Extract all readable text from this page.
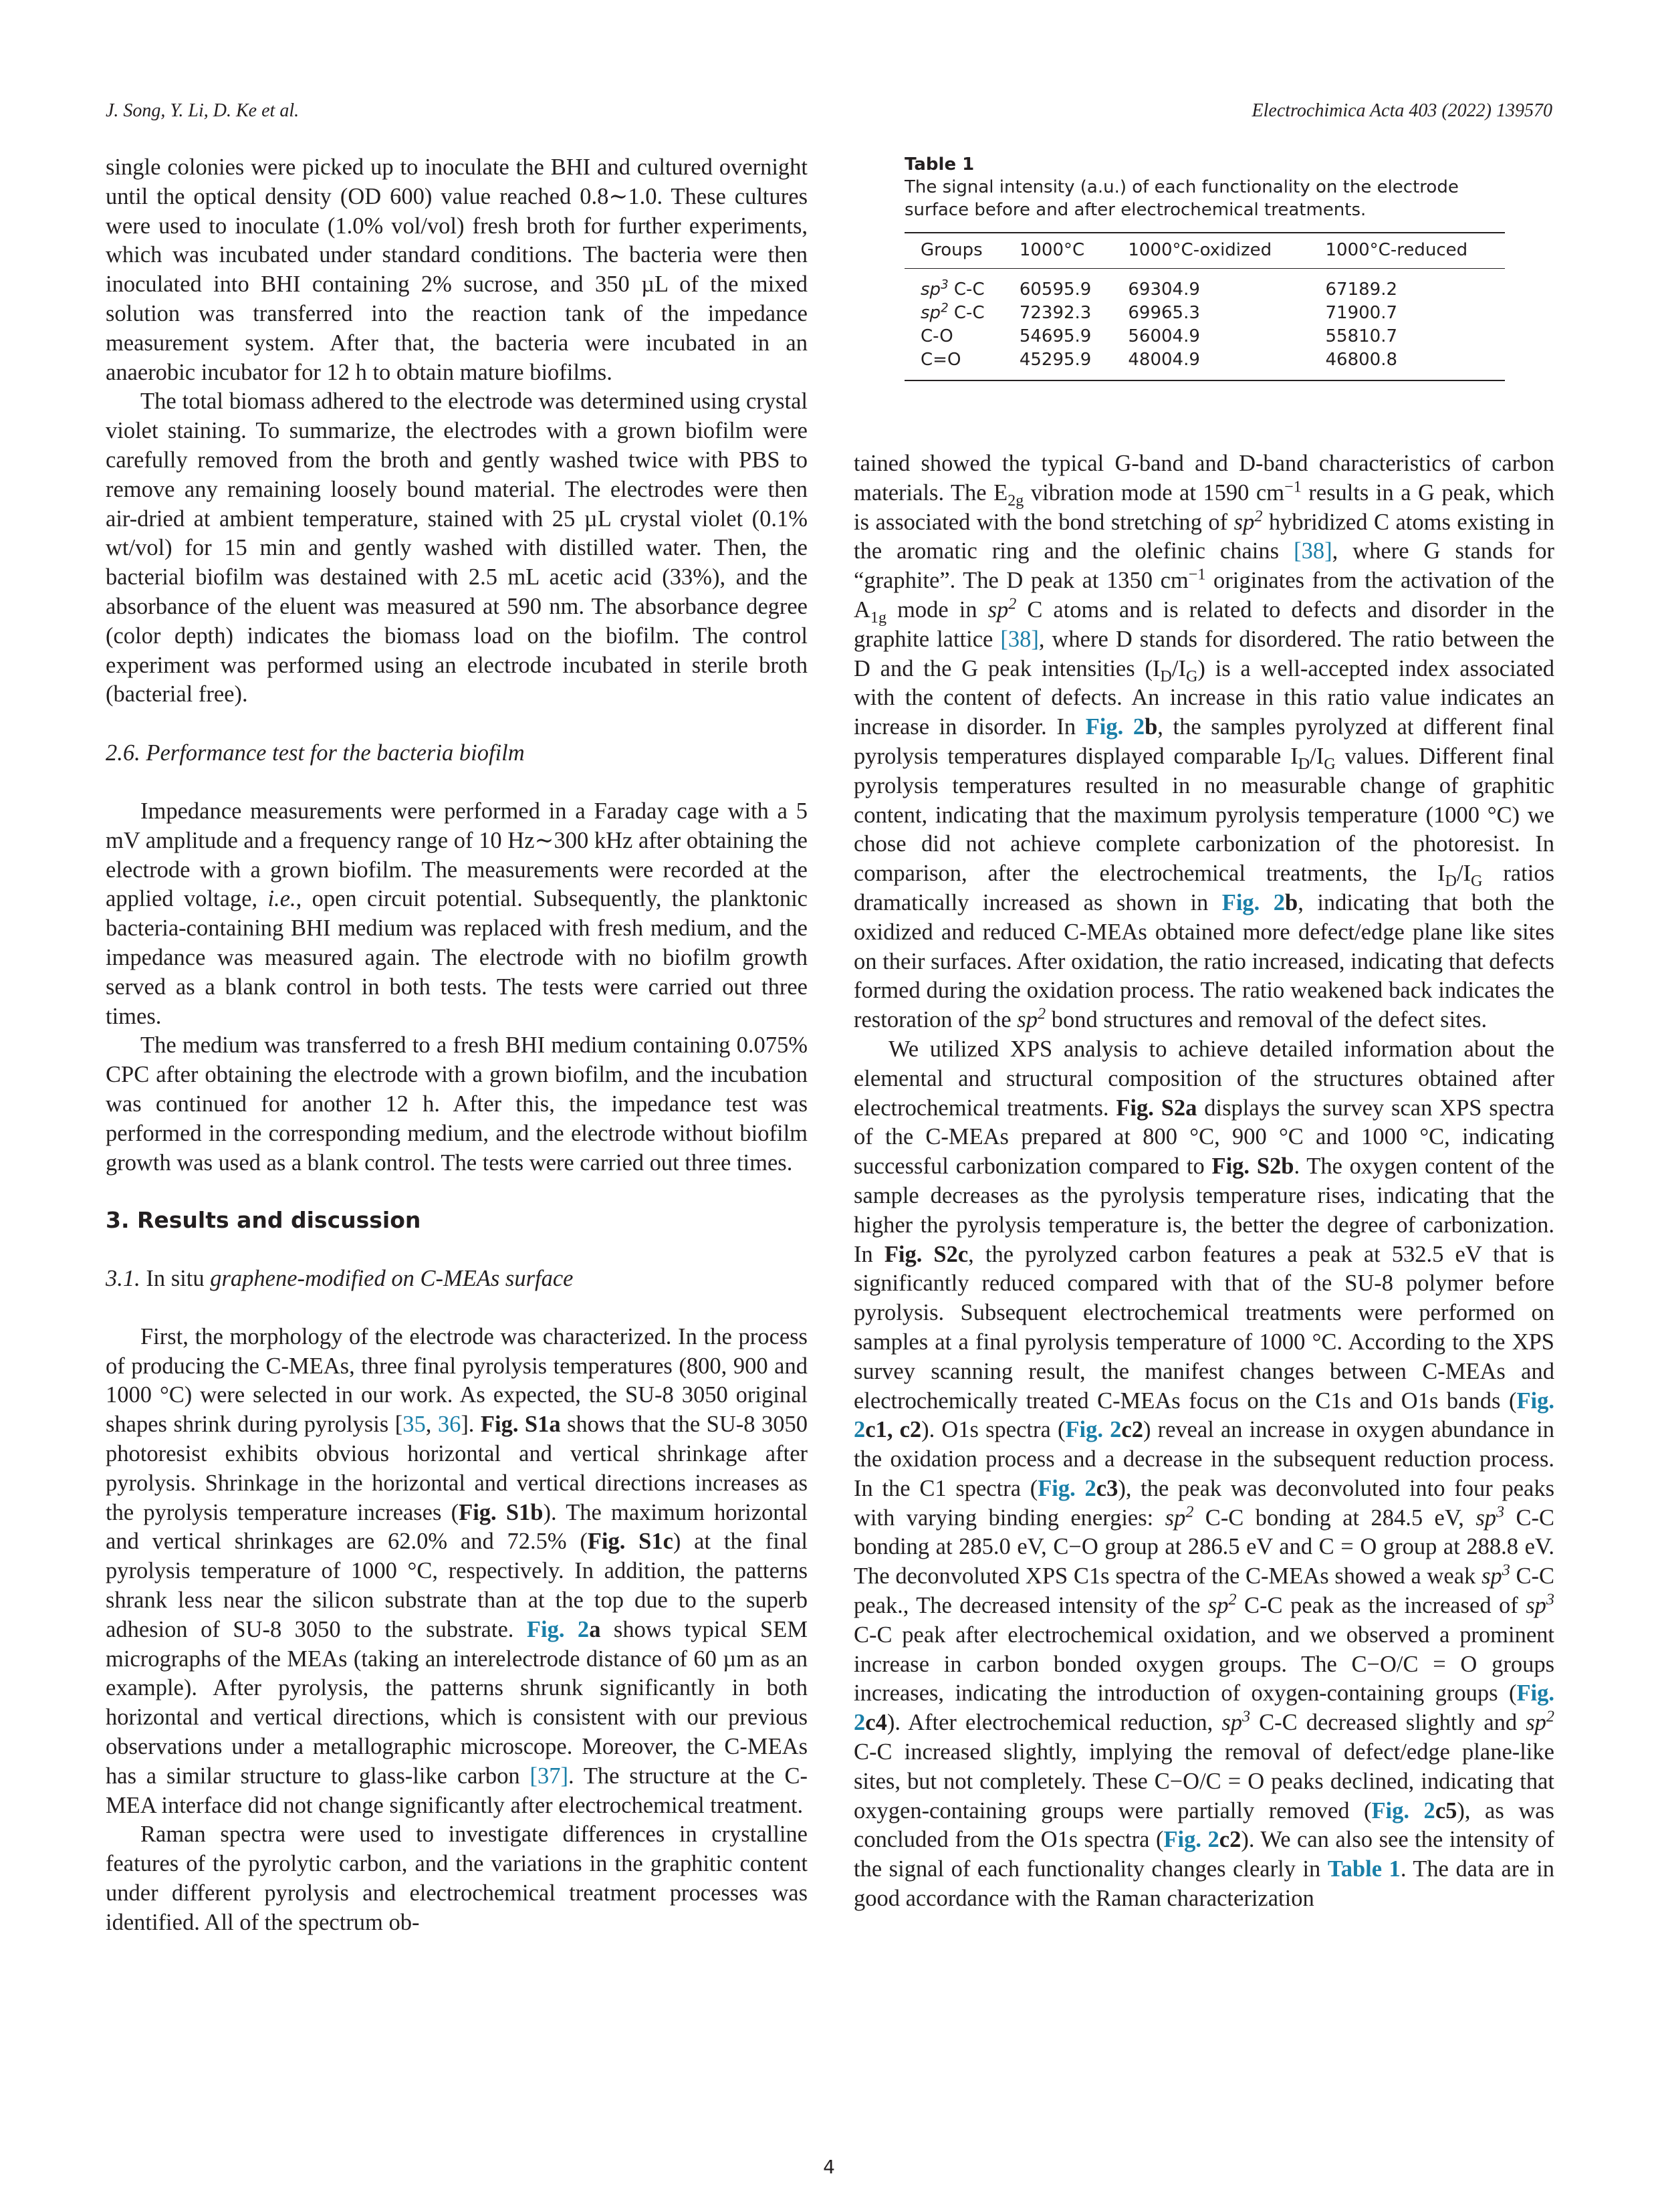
J. Song, Y. Li, D. Ke et al.	Electrochimica Acta 403 (2022) 139570

single colonies were picked up to inoculate the BHI and cultured overnight until the optical density (OD 600) value reached 0.8∼1.0. These cultures were used to inoculate (1.0% vol/vol) fresh broth for further experiments, which was incubated under standard conditions. The bacteria were then inoculated into BHI containing 2% sucrose, and 350 µL of the mixed solution was transferred into the reaction tank of the impedance measurement system. After that, the bacteria were incubated in an anaerobic incubator for 12 h to obtain mature biofilms.

The total biomass adhered to the electrode was determined using crystal violet staining. To summarize, the electrodes with a grown biofilm were carefully removed from the broth and gently washed twice with PBS to remove any remaining loosely bound material. The electrodes were then air-dried at ambient temperature, stained with 25 µL crystal violet (0.1% wt/vol) for 15 min and gently washed with distilled water. Then, the bacterial biofilm was destained with 2.5 mL acetic acid (33%), and the absorbance of the eluent was measured at 590 nm. The absorbance degree (color depth) indicates the biomass load on the biofilm. The control experiment was performed using an electrode incubated in sterile broth (bacterial free).

2.6. Performance test for the bacteria biofilm

Impedance measurements were performed in a Faraday cage with a 5 mV amplitude and a frequency range of 10 Hz∼300 kHz after obtaining the electrode with a grown biofilm. The measurements were recorded at the applied voltage, i.e., open circuit potential. Subsequently, the planktonic bacteria-containing BHI medium was replaced with fresh medium, and the impedance was measured again. The electrode with no biofilm growth served as a blank control in both tests. The tests were carried out three times.

The medium was transferred to a fresh BHI medium containing 0.075% CPC after obtaining the electrode with a grown biofilm, and the incubation was continued for another 12 h. After this, the impedance test was performed in the corresponding medium, and the electrode without biofilm growth was used as a blank control. The tests were carried out three times.

3. Results and discussion
3.1. In situ graphene-modified on C-MEAs surface

First, the morphology of the electrode was characterized. In the process of producing the C-MEAs, three final pyrolysis temperatures (800, 900 and 1000 °C) were selected in our work. As expected, the SU-8 3050 original shapes shrink during pyrolysis [35, 36]. Fig. S1a shows that the SU-8 3050 photoresist exhibits obvious horizontal and vertical shrinkage after pyrolysis. Shrinkage in the horizontal and vertical directions increases as the pyrolysis temperature increases (Fig. S1b). The maximum horizontal and vertical shrinkages are 62.0% and 72.5% (Fig. S1c) at the final pyrolysis temperature of 1000 °C, respectively. In addition, the patterns shrank less near the silicon substrate than at the top due to the superb adhesion of SU-8 3050 to the substrate. Fig. 2a shows typical SEM micrographs of the MEAs (taking an interelectrode distance of 60 µm as an example). After pyrolysis, the patterns shrunk significantly in both horizontal and vertical directions, which is consistent with our previous observations under a metallographic microscope. Moreover, the C-MEAs has a similar structure to glass-like carbon [37]. The structure at the C-MEA interface did not change significantly after electrochemical treatment.

Raman spectra were used to investigate differences in crystalline features of the pyrolytic carbon, and the variations in the graphitic content under different pyrolysis and electrochemical treatment processes was identified. All of the spectrum ob-

Table 1
The signal intensity (a.u.) of each functionality on the electrode surface before and after electrochemical treatments.
Groups	1000°C	1000°C-oxidized	1000°C-reduced
$sp^3$ C-C	60595.9	69304.9	67189.2
$sp^2$ C-C	72392.3	69965.3	71900.7
C-O	54695.9	56004.9	55810.7
C=O	45295.9	48004.9	46800.8

tained showed the typical G-band and D-band characteristics of carbon materials. The $E_{2g}$ vibration mode at 1590 $cm^{-1}$ results in a G peak, which is associated with the bond stretching of $sp^2$ hybridized C atoms existing in the aromatic ring and the olefinic chains [38], where G stands for “graphite”. The D peak at 1350 $cm^{-1}$ originates from the activation of the $A_{1g}$ mode in $sp^2$ C atoms and is related to defects and disorder in the graphite lattice [38], where D stands for disordered. The ratio between the D and the G peak intensities $(I_D/I_G)$ is a well-accepted index associated with the content of defects. An increase in this ratio value indicates an increase in disorder. In Fig. 2b, the samples pyrolyzed at different final pyrolysis temperatures displayed comparable $I_D/I_G$ values. Different final pyrolysis temperatures resulted in no measurable change of graphitic content, indicating that the maximum pyrolysis temperature (1000 °C) we chose did not achieve complete carbonization of the photoresist. In comparison, after the electrochemical treatments, the $I_D/I_G$ ratios dramatically increased as shown in Fig. 2b, indicating that both the oxidized and reduced C-MEAs obtained more defect/edge plane like sites on their surfaces. After oxidation, the ratio increased, indicating that defects formed during the oxidation process. The ratio weakened back indicates the restoration of the $sp^2$ bond structures and removal of the defect sites.

We utilized XPS analysis to achieve detailed information about the elemental and structural composition of the structures obtained after electrochemical treatments. Fig. S2a displays the survey scan XPS spectra of the C-MEAs prepared at 800 °C, 900 °C and 1000 °C, indicating successful carbonization compared to Fig. S2b. The oxygen content of the sample decreases as the pyrolysis temperature rises, indicating that the higher the pyrolysis temperature is, the better the degree of carbonization. In Fig. S2c, the pyrolyzed carbon features a peak at 532.5 eV that is significantly reduced compared with that of the SU-8 polymer before pyrolysis. Subsequent electrochemical treatments were performed on samples at a final pyrolysis temperature of 1000 °C. According to the XPS survey scanning result, the manifest changes between C-MEAs and electrochemically treated C-MEAs focus on the C1s and O1s bands (Fig. 2c1, c2). O1s spectra (Fig. 2c2) reveal an increase in oxygen abundance in the oxidation process and a decrease in the subsequent reduction process. In the C1 spectra (Fig. 2c3), the peak was deconvoluted into four peaks with varying binding energies: $sp^2$ C-C bonding at 284.5 eV, $sp^3$ C-C bonding at 285.0 eV, C−O group at 286.5 eV and C = O group at 288.8 eV. The deconvoluted XPS C1s spectra of the C-MEAs showed a weak $sp^3$ C-C peak., The decreased intensity of the $sp^2$ C-C peak as the increased of $sp^3$ C-C peak after electrochemical oxidation, and we observed a prominent increase in carbon bonded oxygen groups. The C−O/C = O groups increases, indicating the introduction of oxygen-containing groups (Fig. 2c4). After electrochemical reduction, $sp^3$ C-C decreased slightly and $sp^2$ C-C increased slightly, implying the removal of defect/edge plane-like sites, but not completely. These C−O/C = O peaks declined, indicating that oxygen-containing groups were partially removed (Fig. 2c5), as was concluded from the O1s spectra (Fig. 2c2). We can also see the intensity of the signal of each functionality changes clearly in Table 1. The data are in good accordance with the Raman characterization

4
